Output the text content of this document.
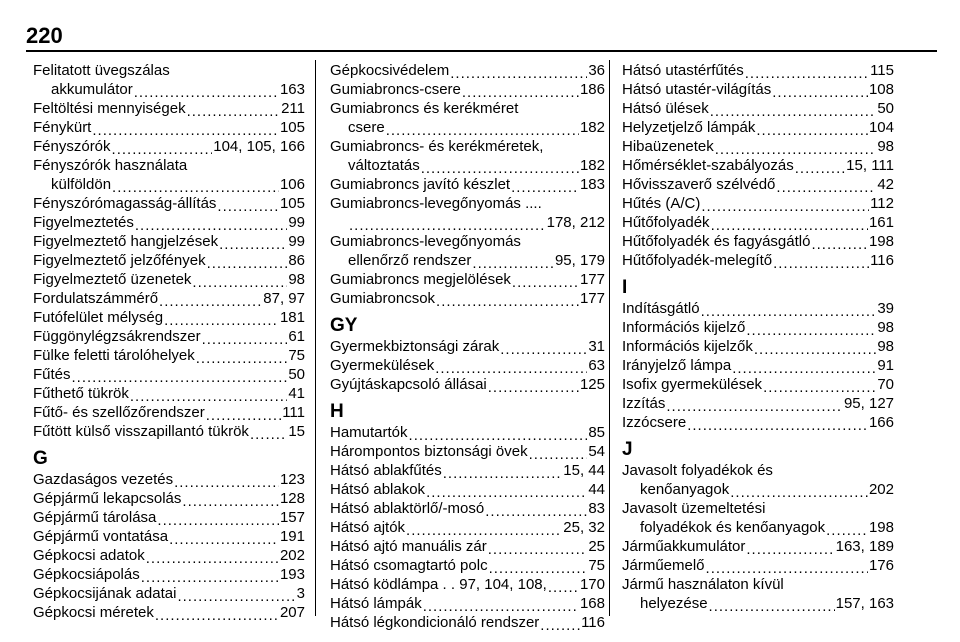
220
Felitatott üvegszálas
akkumulátor .....	163
Feltöltési mennyiségek .....	211
Fénykürt .....	105
Fényszórók .....	104, 105, 166
Fényszórók használata
külföldön .....	106
Fényszórómagasság-állítás .....	105
Figyelmeztetés .....	99
Figyelmeztető hangjelzések .....	99
Figyelmeztető jelzőfények .....	86
Figyelmeztető üzenetek .....	98
Fordulatszámmérő .....	87, 97
Futófelület mélység .....	181
Függönylégzsákrendszer .....	61
Fülke feletti tárolóhelyek .....	75
Fűtés .....	50
Fűthető tükrök .....	41
Fűtő- és szellőzőrendszer .....	111
Fűtött külső visszapillantó tükrök .....	15
G
Gazdaságos vezetés .....	123
Gépjármű lekapcsolás .....	128
Gépjármű tárolása .....	157
Gépjármű vontatása .....	191
Gépkocsi adatok .....	202
Gépkocsiápolás .....	193
Gépkocsijának adatai .....	3
Gépkocsi méretek .....	207
Gépkocsivédelem .....	36
Gumiabroncs-csere .....	186
Gumiabroncs és kerékméret
csere .....	182
Gumiabroncs- és kerékméretek,
változtatás .....	182
Gumiabroncs javító készlet .....	183
Gumiabroncs-levegőnyomás ....
.....
178, 212
Gumiabroncs-levegőnyomás
ellenőrző rendszer .....	95, 179
Gumiabroncs megjelölések .....	177
Gumiabroncsok .....	177
GY
Gyermekbiztonsági zárak .....	31
Gyermekülések .....	63
Gyújtáskapcsoló állásai .....	125
H
Hamutartók .....	85
Hárompontos biztonsági övek .....	54
Hátsó ablakfűtés .....	15, 44
Hátsó ablakok .....	44
Hátsó ablaktörlő/-mosó .....	83
Hátsó ajtók .....	25, 32
Hátsó ajtó manuális zár .....	25
Hátsó csomagtartó polc .....	75
Hátsó ködlámpa . . 97, 104, 108, ..... 170
Hátsó lámpák .....	168
Hátsó légkondicionáló rendszer .....	116
Hátsó utastérfűtés .....	115
Hátsó utastér-világítás .....	108
Hátsó ülések .....	50
Helyzetjelző lámpák .....	104
Hibaüzenetek .....	98
Hőmérséklet-szabályozás .....	15, 111
Hővisszaverő szélvédő .....	42
Hűtés (A/C) .....	112
Hűtőfolyadék .....	161
Hűtőfolyadék és fagyásgátló .....	198
Hűtőfolyadék-melegítő .....	116
I
Indításgátló .....	39
Információs kijelző .....	98
Információs kijelzők .....	98
Irányjelző lámpa .....	91
Isofix gyermekülések .....	70
Izzítás .....	95, 127
Izzócsere .....	166
J
Javasolt folyadékok és
kenőanyagok .....	202
Javasolt üzemeltetési
folyadékok és kenőanyagok .....	198
Járműakkumulátor .....	163, 189
Járműemelő .....	176
Jármű használaton kívül
helyezése .....	157, 163
